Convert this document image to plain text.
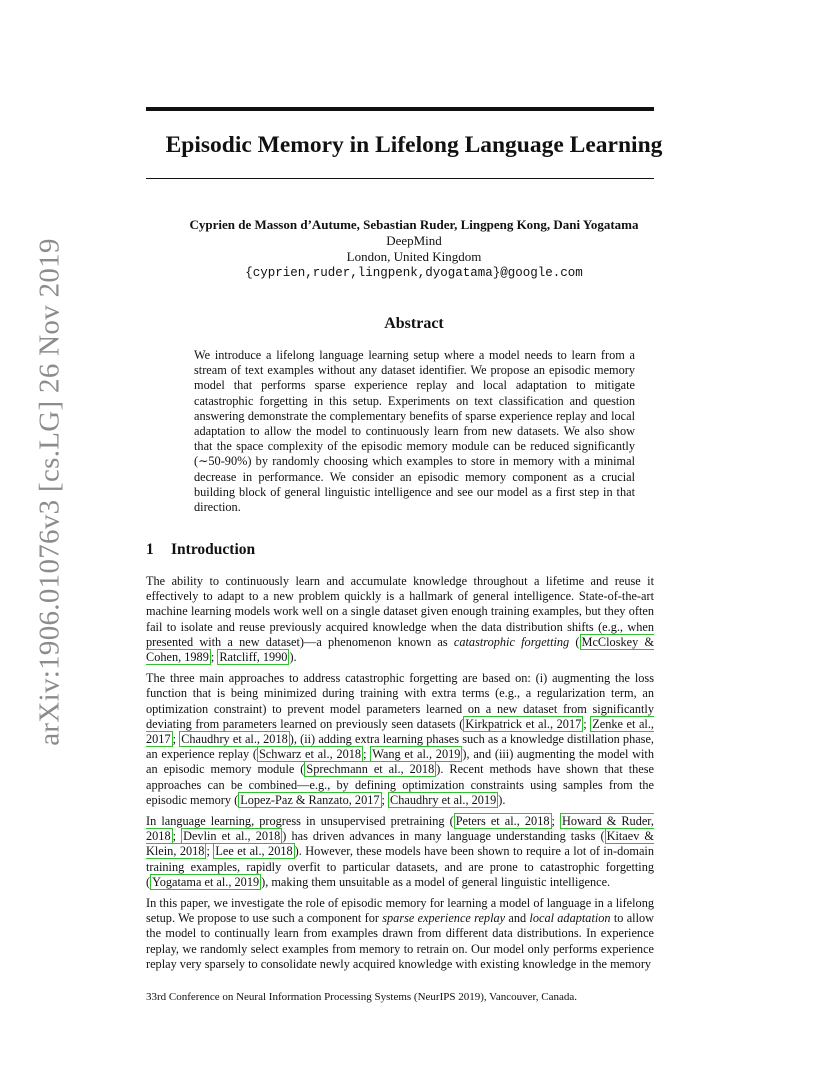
arXiv:1906.01076v3 [cs.LG] 26 Nov 2019
Episodic Memory in Lifelong Language Learning
Cyprien de Masson d’Autume, Sebastian Ruder, Lingpeng Kong, Dani Yogatama
DeepMind
London, United Kingdom
{cyprien,ruder,lingpenk,dyogatama}@google.com
Abstract

We introduce a lifelong language learning setup where a model needs to learn from a stream of text examples without any dataset identifier. We propose an episodic memory model that performs sparse experience replay and local adaptation to mitigate catastrophic forgetting in this setup. Experiments on text classification and question answering demonstrate the complementary benefits of sparse experience replay and local adaptation to allow the model to continuously learn from new datasets. We also show that the space complexity of the episodic memory module can be reduced significantly (∼50-90%) by randomly choosing which examples to store in memory with a minimal decrease in performance. We consider an episodic memory component as a crucial building block of general linguistic intelligence and see our model as a first step in that direction.

1 Introduction

The ability to continuously learn and accumulate knowledge throughout a lifetime and reuse it effectively to adapt to a new problem quickly is a hallmark of general intelligence. State-of-the-art machine learning models work well on a single dataset given enough training examples, but they often fail to isolate and reuse previously acquired knowledge when the data distribution shifts (e.g., when presented with a new dataset)—a phenomenon known as catastrophic forgetting ( McCloskey & Cohen, 1989 ; Ratcliff, 1990 ).

The three main approaches to address catastrophic forgetting are based on: (i) augmenting the loss function that is being minimized during training with extra terms (e.g., a regularization term, an optimization constraint) to prevent model parameters learned on a new dataset from significantly deviating from parameters learned on previously seen datasets ( Kirkpatrick et al., 2017 ; Zenke et al., 2017 ; Chaudhry et al., 2018 ), (ii) adding extra learning phases such as a knowledge distillation phase, an experience replay ( Schwarz et al., 2018 ; Wang et al., 2019 ), and (iii) augmenting the model with an episodic memory module ( Sprechmann et al., 2018 ). Recent methods have shown that these approaches can be combined—e.g., by defining optimization constraints using samples from the episodic memory ( Lopez-Paz & Ranzato, 2017 ; Chaudhry et al., 2019 ).

In language learning, progress in unsupervised pretraining ( Peters et al., 2018 ; Howard & Ruder, 2018 ; Devlin et al., 2018 ) has driven advances in many language understanding tasks ( Kitaev & Klein, 2018 ; Lee et al., 2018 ). However, these models have been shown to require a lot of in-domain training examples, rapidly overfit to particular datasets, and are prone to catastrophic forgetting ( Yogatama et al., 2019 ), making them unsuitable as a model of general linguistic intelligence.

In this paper, we investigate the role of episodic memory for learning a model of language in a lifelong setup. We propose to use such a component for sparse experience replay and local adaptation to allow the model to continually learn from examples drawn from different data distributions. In experience replay, we randomly select examples from memory to retrain on. Our model only performs experience replay very sparsely to consolidate newly acquired knowledge with existing knowledge in the memory

33rd Conference on Neural Information Processing Systems (NeurIPS 2019), Vancouver, Canada.
